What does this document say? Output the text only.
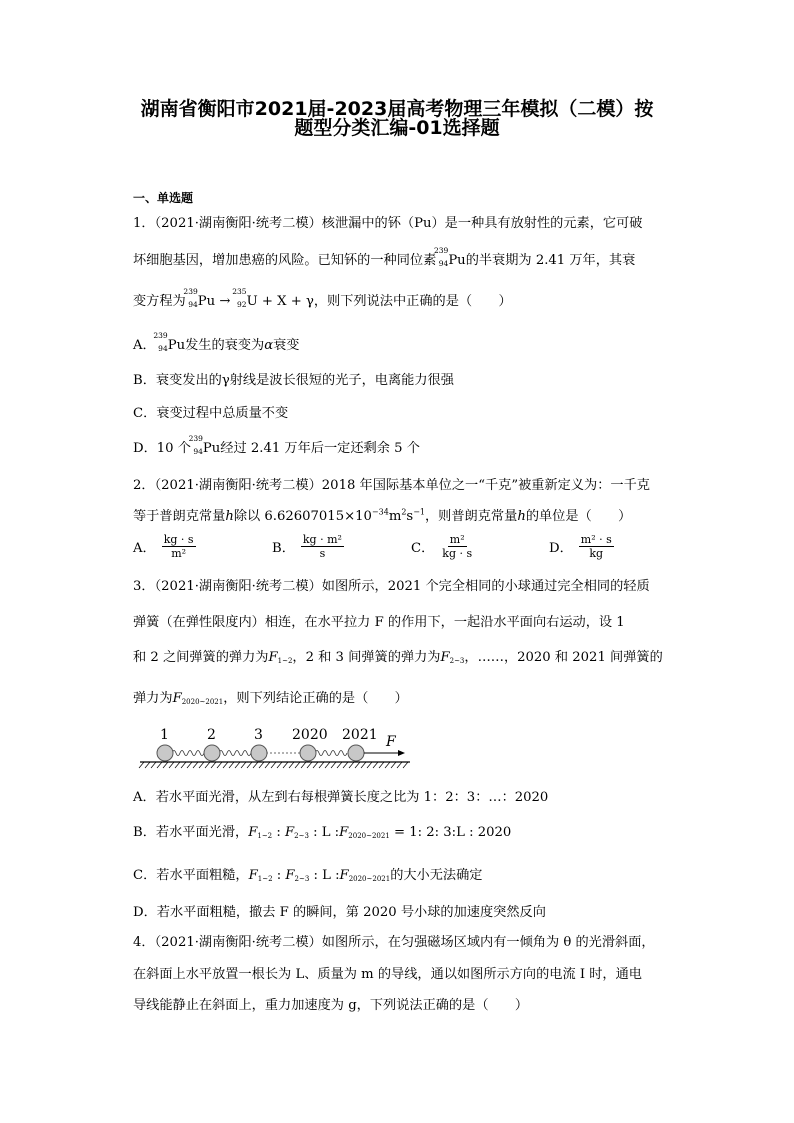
湖南省衡阳市2021届-2023届高考物理三年模拟（二模）按
题型分类汇编-01选择题
一、单选题
1．（2021·湖南衡阳·统考二模）核泄漏中的钚（Pu）是一种具有放射性的元素，它可破
坏细胞基因，增加患癌的风险。已知钚的一种同位素
239
94 Pu的半衰期为 2.41 万年，其衰
变方程为
239
94 Pu →
235
92 U + X + γ，则下列说法中正确的是（　　）
A．
239
94 Pu发生的衰变为α衰变
B．衰变发出的γ射线是波长很短的光子，电离能力很强
C．衰变过程中总质量不变
D．10 个
239
94 Pu经过 2.41 万年后一定还剩余 5 个
2．（2021·湖南衡阳·统考二模）2018 年国际基本单位之一“千克”被重新定义为：一千克
等于普朗克常量h除以 $6.62607015\times 10^{-34}m^2s^{-1}$，则普朗克常量h的单位是（　　）
A． $\frac{kg \cdot s}{\text{m²}}$	B． $\frac{\text{kg · m²}}{s}$	C． $\frac{\text{m²}}{kg \cdot s}$	D． $\frac{\text{m² · s}}{kg}$
3．（2021·湖南衡阳·统考二模）如图所示，2021 个完全相同的小球通过完全相同的轻质
弹簧（在弹性限度内）相连，在水平拉力 F 的作用下，一起沿水平面向右运动，设 1
和 2 之间弹簧的弹力为F1~2，2 和 3 间弹簧的弹力为F2~3，……，2020 和 2021 间弹簧的
弹力为F2020~2021，则下列结论正确的是（　　）
1	2	3 2020 2021 F
A．若水平面光滑，从左到右每根弹簧长度之比为 1：2：3：…：2020
B．若水平面光滑，F1~2 : F2~3 : L :F2020~2021 = 1: 2: 3:L : 2020
C．若水平面粗糙，F1~2 : F2~3 : L :F2020~2021的大小无法确定
D．若水平面粗糙，撤去 F 的瞬间，第 2020 号小球的加速度突然反向
4．（2021·湖南衡阳·统考二模）如图所示，在匀强磁场区域内有一倾角为 θ 的光滑斜面，
在斜面上水平放置一根长为 L、质量为 m 的导线，通以如图所示方向的电流 I 时，通电
导线能静止在斜面上，重力加速度为 g，下列说法正确的是（　　）
